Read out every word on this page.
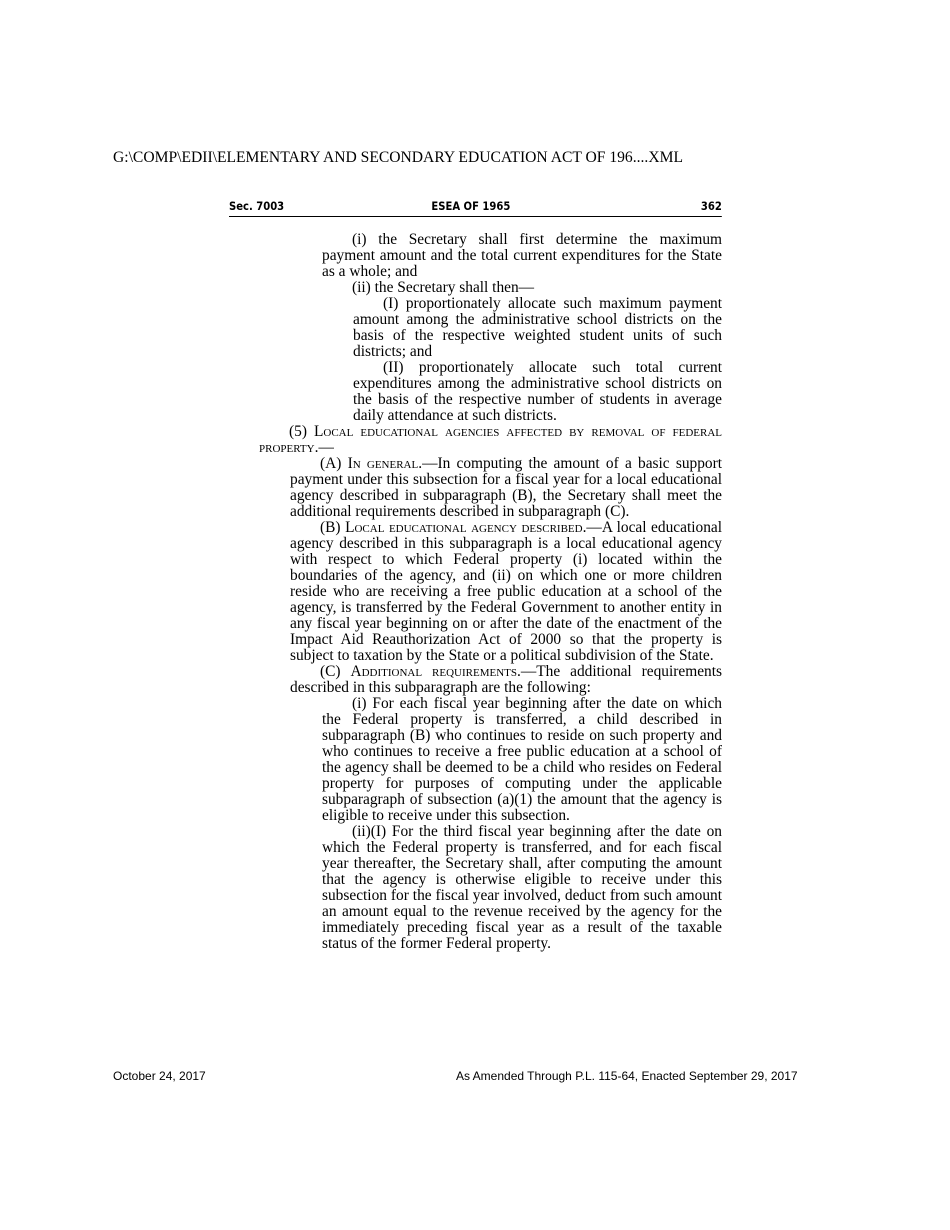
G:\COMP\EDII\ELEMENTARY AND SECONDARY EDUCATION ACT OF 196....XML
Sec. 7003	ESEA OF 1965	362

(i) the Secretary shall first determine the maximum payment amount and the total current expenditures for the State as a whole; and

(ii) the Secretary shall then—

(I) proportionately allocate such maximum payment amount among the administrative school districts on the basis of the respective weighted student units of such districts; and

(II) proportionately allocate such total current expenditures among the administrative school districts on the basis of the respective number of students in average daily attendance at such districts.

(5) Local educational agencies affected by removal of federal property.—

(A) In general.—In computing the amount of a basic support payment under this subsection for a fiscal year for a local educational agency described in subparagraph (B), the Secretary shall meet the additional requirements described in subparagraph (C).

(B) Local educational agency described.—A local educational agency described in this subparagraph is a local educational agency with respect to which Federal property (i) located within the boundaries of the agency, and (ii) on which one or more children reside who are receiving a free public education at a school of the agency, is transferred by the Federal Government to another entity in any fiscal year beginning on or after the date of the enactment of the Impact Aid Reauthorization Act of 2000 so that the property is subject to taxation by the State or a political subdivision of the State.

(C) Additional requirements.—The additional requirements described in this subparagraph are the following:

(i) For each fiscal year beginning after the date on which the Federal property is transferred, a child described in subparagraph (B) who continues to reside on such property and who continues to receive a free public education at a school of the agency shall be deemed to be a child who resides on Federal property for purposes of computing under the applicable subparagraph of subsection (a)(1) the amount that the agency is eligible to receive under this subsection.

(ii)(I) For the third fiscal year beginning after the date on which the Federal property is transferred, and for each fiscal year thereafter, the Secretary shall, after computing the amount that the agency is otherwise eligible to receive under this subsection for the fiscal year involved, deduct from such amount an amount equal to the revenue received by the agency for the immediately preceding fiscal year as a result of the taxable status of the former Federal property.

October 24, 2017	As Amended Through P.L. 115-64, Enacted September 29, 2017
